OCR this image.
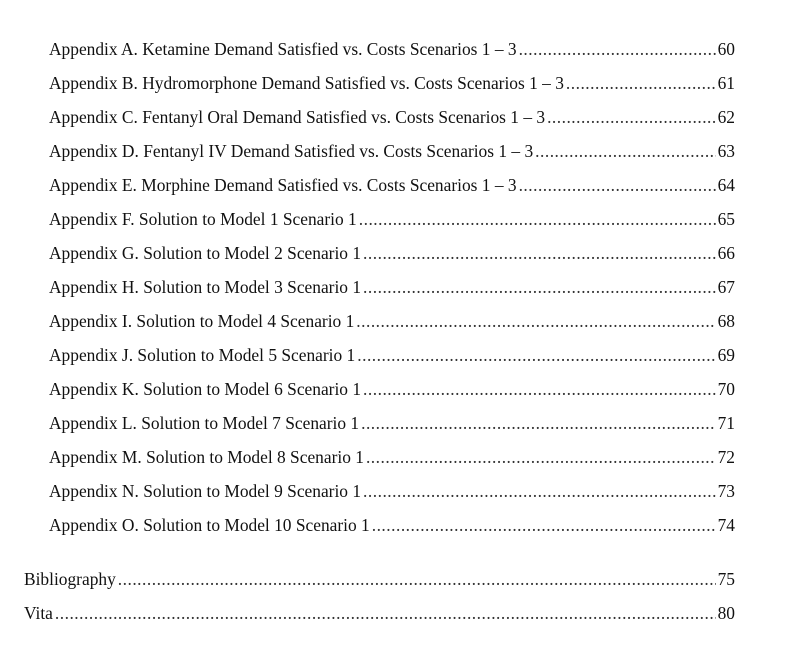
Appendix A. Ketamine Demand Satisfied vs. Costs Scenarios 1 – 3 .....	60
Appendix B. Hydromorphone Demand Satisfied vs. Costs Scenarios 1 – 3 .....	61
Appendix C. Fentanyl Oral Demand Satisfied vs. Costs Scenarios 1 – 3 .....	62
Appendix D. Fentanyl IV Demand Satisfied vs. Costs Scenarios 1 – 3 .....	63
Appendix E. Morphine Demand Satisfied vs. Costs Scenarios 1 – 3 .....	64
Appendix F. Solution to Model 1 Scenario 1 .....	65
Appendix G. Solution to Model 2 Scenario 1 .....	66
Appendix H. Solution to Model 3 Scenario 1 .....	67
Appendix I. Solution to Model 4 Scenario 1 .....	68
Appendix J. Solution to Model 5 Scenario 1 .....	69
Appendix K. Solution to Model 6 Scenario 1 .....	70
Appendix L. Solution to Model 7 Scenario 1 .....	71
Appendix M. Solution to Model 8 Scenario 1 .....	72
Appendix N. Solution to Model 9 Scenario 1 .....	73
Appendix O. Solution to Model 10 Scenario 1 .....	74
Bibliography .....	75
Vita .....	80
